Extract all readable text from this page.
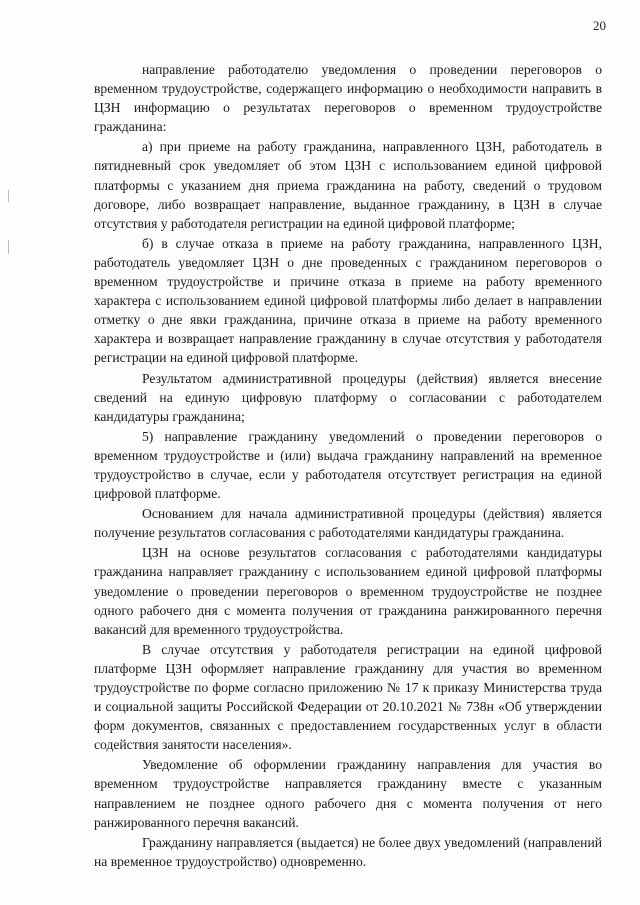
20

направление работодателю уведомления о проведении переговоров о временном трудоустройстве, содержащего информацию о необходимости направить в ЦЗН информацию о результатах переговоров о временном трудоустройстве гражданина:

а) при приеме на работу гражданина, направленного ЦЗН, работодатель в пятидневный срок уведомляет об этом ЦЗН с использованием единой цифровой платформы с указанием дня приема гражданина на работу, сведений о трудовом договоре, либо возвращает направление, выданное гражданину, в ЦЗН в случае отсутствия у работодателя регистрации на единой цифровой платформе;

б) в случае отказа в приеме на работу гражданина, направленного ЦЗН, работодатель уведомляет ЦЗН о дне проведенных с гражданином переговоров о временном трудоустройстве и причине отказа в приеме на работу временного характера с использованием единой цифровой платформы либо делает в направлении отметку о дне явки гражданина, причине отказа в приеме на работу временного характера и возвращает направление гражданину в случае отсутствия у работодателя регистрации на единой цифровой платформе.

Результатом административной процедуры (действия) является внесение сведений на единую цифровую платформу о согласовании с работодателем кандидатуры гражданина;

5) направление гражданину уведомлений о проведении переговоров о временном трудоустройстве и (или) выдача гражданину направлений на временное трудоустройство в случае, если у работодателя отсутствует регистрация на единой цифровой платформе.

Основанием для начала административной процедуры (действия) является получение результатов согласования с работодателями кандидатуры гражданина.

ЦЗН на основе результатов согласования с работодателями кандидатуры гражданина направляет гражданину с использованием единой цифровой платформы уведомление о проведении переговоров о временном трудоустройстве не позднее одного рабочего дня с момента получения от гражданина ранжированного перечня вакансий для временного трудоустройства.

В случае отсутствия у работодателя регистрации на единой цифровой платформе ЦЗН оформляет направление гражданину для участия во временном трудоустройстве по форме согласно приложению № 17 к приказу Министерства труда и социальной защиты Российской Федерации от 20.10.2021 № 738н «Об утверждении форм документов, связанных с предоставлением государственных услуг в области содействия занятости населения».

Уведомление об оформлении гражданину направления для участия во временном трудоустройстве направляется гражданину вместе с указанным направлением не позднее одного рабочего дня с момента получения от него ранжированного перечня вакансий.

Гражданину направляется (выдается) не более двух уведомлений (направлений на временное трудоустройство) одновременно.
